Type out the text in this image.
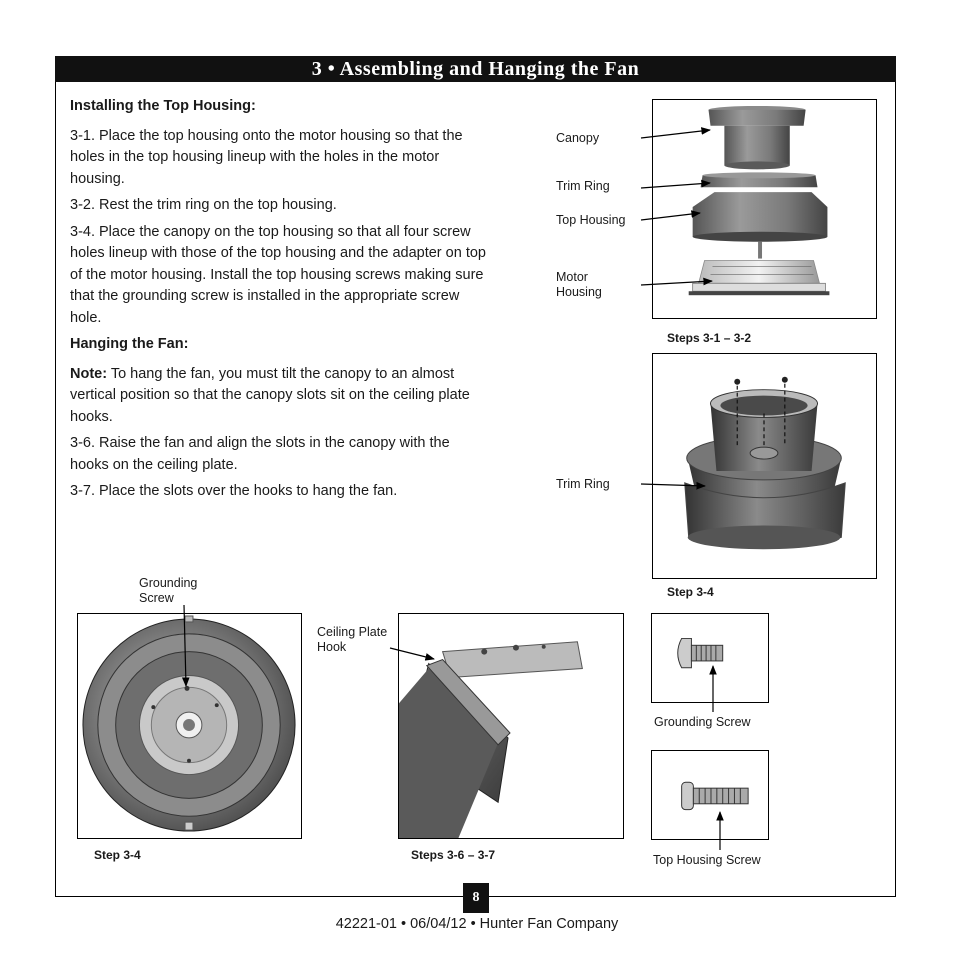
3 • Assembling and Hanging the Fan

Installing the Top Housing:

3-1. Place the top housing onto the motor housing so that the holes in the top housing lineup with the holes in the motor housing.

3-2. Rest the trim ring on the top housing.

3-4. Place the canopy on the top housing so that all four screw holes lineup with those of the top housing and the adapter on top of the motor housing. Install the top housing screws making sure that the grounding screw is installed in the appropriate screw hole.

Hanging the Fan:

Note: To hang the fan, you must tilt the canopy to an almost vertical position so that the canopy slots sit on the ceiling plate hooks.

3-6. Raise the fan and align the slots in the canopy with the hooks on the ceiling plate.

3-7. Place the slots over the hooks to hang the fan.

Canopy
Trim Ring
Top Housing
Motor
Housing
Steps 3-1 – 3-2
Trim Ring
Step 3-4
Grounding
Screw
Step 3-4
Ceiling Plate
Hook
Steps 3-6 – 3-7
Grounding Screw
Top Housing Screw
8
42221-01 • 06/04/12 • Hunter Fan Company
